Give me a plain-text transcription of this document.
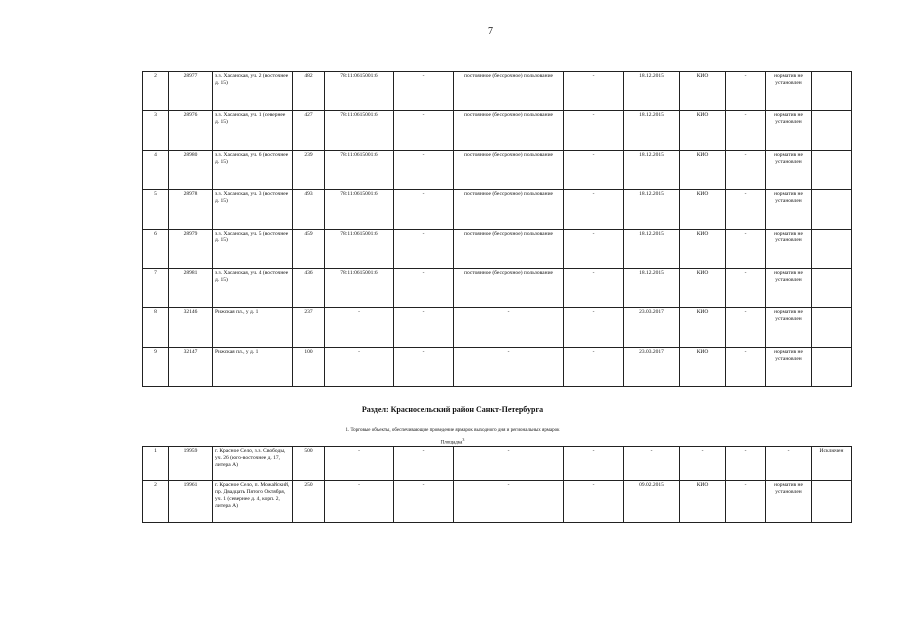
7
2	28977	з.з. Хасанская, уч. 2 (восточнее д. 15)	482	78:11:0615001:6	-	постоянное (бессрочное) пользование	-	18.12.2015	КИО	-	норматив не установлен	
3	28976	з.з. Хасанская, уч. 1 (севернее д. 15)	427	78:11:0615001:6	-	постоянное (бессрочное) пользование	-	18.12.2015	КИО	-	норматив не установлен	
4	28980	з.з. Хасанская, уч. 6 (восточнее д. 15)	239	78:11:0615001:6	-	постоянное (бессрочное) пользование	-	18.12.2015	КИО	-	норматив не установлен	
5	28978	з.з. Хасанская, уч. 3 (восточнее д. 15)	493	78:11:0615001:6	-	постоянное (бессрочное) пользование	-	18.12.2015	КИО	-	норматив не установлен	
6	28979	з.з. Хасанская, уч. 5 (восточнее д. 15)	459	78:11:0615001:6	-	постоянное (бессрочное) пользование	-	18.12.2015	КИО	-	норматив не установлен	
7	28981	з.з. Хасанская, уч. 4 (восточнее д. 15)	436	78:11:0615001:6	-	постоянное (бессрочное) пользование	-	18.12.2015	КИО	-	норматив не установлен	
8	32146	Рижская пл., у д. 1	237	-	-	-	-	23.03.2017	КИО	-	норматив не установлен	
9	32147	Рижская пл., у д. 1	100	-	-	-	-	23.03.2017	КИО	-	норматив не установлен	
Раздел: Красносельский район Санкт-Петербурга
1. Торговые объекты, обеспечивающие проведение ярмарок выходного дня и региональных ярмарок
Площадка$^3$
1	19959	г. Красное Село, з.з. Свободы, уч. 26 (юго-восточнее д. 17, литера А)	500	-	-	-	-	-	-	-	-	Исключен
2	19961	г. Красное Село, п. Можайский, пр. Двадцать Пятого Октября, уч. 1 (севернее д. 4, корп. 2, литера А)	250	-	-	-	-	09.02.2015	КИО	-	норматив не установлен	
